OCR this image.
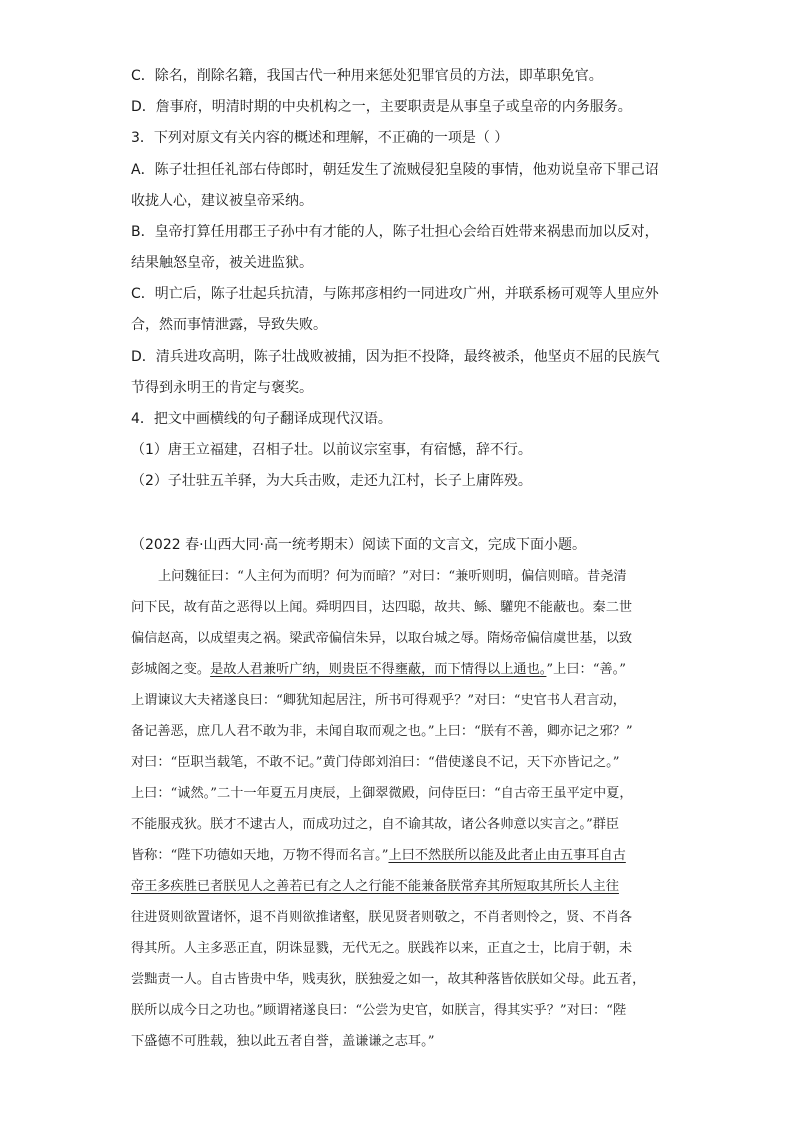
C．除名，削除名籍，我国古代一种用来惩处犯罪官员的方法，即革职免官。
D．詹事府，明清时期的中央机构之一，主要职责是从事皇子或皇帝的内务服务。
3．下列对原文有关内容的概述和理解，不正确的一项是（ ）
A．陈子壮担任礼部右侍郎时，朝廷发生了流贼侵犯皇陵的事情，他劝说皇帝下罪己诏
收拢人心，建议被皇帝采纳。
B．皇帝打算任用郡王子孙中有才能的人，陈子壮担心会给百姓带来祸患而加以反对，
结果触怒皇帝，被关进监狱。
C．明亡后，陈子壮起兵抗清，与陈邦彦相约一同进攻广州，并联系杨可观等人里应外
合，然而事情泄露，导致失败。
D．清兵进攻高明，陈子壮战败被捕，因为拒不投降，最终被杀，他坚贞不屈的民族气
节得到永明王的肯定与褒奖。
4．把文中画横线的句子翻译成现代汉语。
（1）唐王立福建，召相子壮。以前议宗室事，有宿憾，辞不行。
（2）子壮驻五羊驿，为大兵击败，走还九江村，长子上庸阵殁。
（2022 春·山西大同·高一统考期末）阅读下面的文言文，完成下面小题。
上问魏征曰：“人主何为而明？何为而暗？”对曰：“兼听则明，偏信则暗。昔尧清
问下民，故有苗之恶得以上闻。舜明四目，达四聪，故共、鲧、驩兜不能蔽也。秦二世
偏信赵高，以成望夷之祸。梁武帝偏信朱异，以取台城之辱。隋炀帝偏信虞世基，以致
彭城阁之变。是故人君兼听广纳，则贵臣不得壅蔽，而下情得以上通也。”上曰：“善。”
上谓谏议大夫褚遂良曰：“卿犹知起居注，所书可得观乎？”对曰：“史官书人君言动，
备记善恶，庶几人君不敢为非，未闻自取而观之也。”上曰：“朕有不善，卿亦记之邪？”
对曰：“臣职当载笔，不敢不记。”黄门侍郎刘洎曰：“借使遂良不记，天下亦皆记之。”
上曰：“诚然。”二十一年夏五月庚辰，上御翠微殿，问侍臣曰：“自古帝王虽平定中夏，
不能服戎狄。朕才不逮古人，而成功过之，自不谕其故，诸公各帅意以实言之。”群臣
皆称：“陛下功德如天地，万物不得而名言。”上曰不然朕所以能及此者止由五事耳自古
帝王多疾胜已者朕见人之善若已有之人之行能不能兼备朕常弃其所短取其所长人主往
往进贤则欲置诸怀，退不肖则欲推诸壑，朕见贤者则敬之，不肖者则怜之，贤、不肖各
得其所。人主多恶正直，阴诛显戮，无代无之。朕践祚以来，正直之士，比肩于朝，未
尝黜责一人。自古皆贵中华，贱夷狄，朕独爱之如一，故其种落皆依朕如父母。此五者，
朕所以成今日之功也。”顾谓褚遂良曰：“公尝为史官，如朕言，得其实乎？”对曰：“陛
下盛德不可胜载，独以此五者自誉，盖谦谦之志耳。”
